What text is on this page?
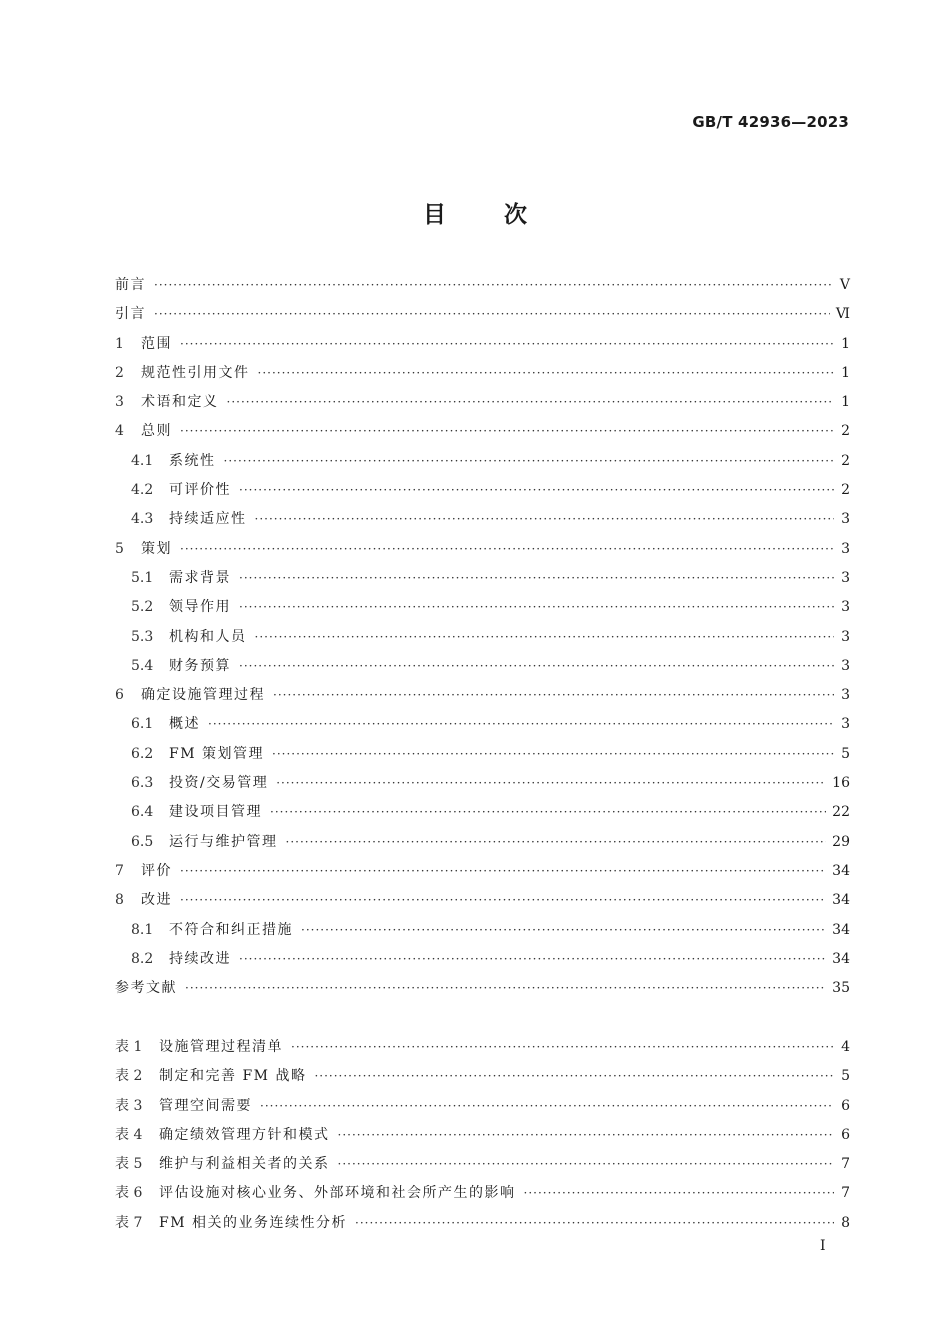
GB/T 42936—2023
目次
前言 ·····	Ⅴ
引言 ·····	Ⅵ
1	范围 ·····	1
2	规范性引用文件 ·····	1
3	术语和定义 ·····	1
4	总则 ·····	2
4.1	系统性 ·····	2
4.2	可评价性 ·····	2
4.3	持续适应性 ·····	3
5	策划 ·····	3
5.1	需求背景 ·····	3
5.2	领导作用 ·····	3
5.3	机构和人员 ·····	3
5.4	财务预算 ·····	3
6	确定设施管理过程 ·····	3
6.1	概述 ·····	3
6.2	FM 策划管理 ·····	5
6.3	投资/交易管理 ·····	16
6.4	建设项目管理 ·····	22
6.5	运行与维护管理 ·····	29
7	评价 ·····	34
8	改进 ·····	34
8.1	不符合和纠正措施 ·····	34
8.2	持续改进 ·····	34
参考文献 ·····	35
表 1	设施管理过程清单 ·····	4
表 2	制定和完善 FM 战略 ·····	5
表 3	管理空间需要 ·····	6
表 4	确定绩效管理方针和模式 ·····	6
表 5	维护与利益相关者的关系 ·····	7
表 6	评估设施对核心业务、外部环境和社会所产生的影响 ·····	7
表 7	FM 相关的业务连续性分析 ·····	8
Ⅰ
